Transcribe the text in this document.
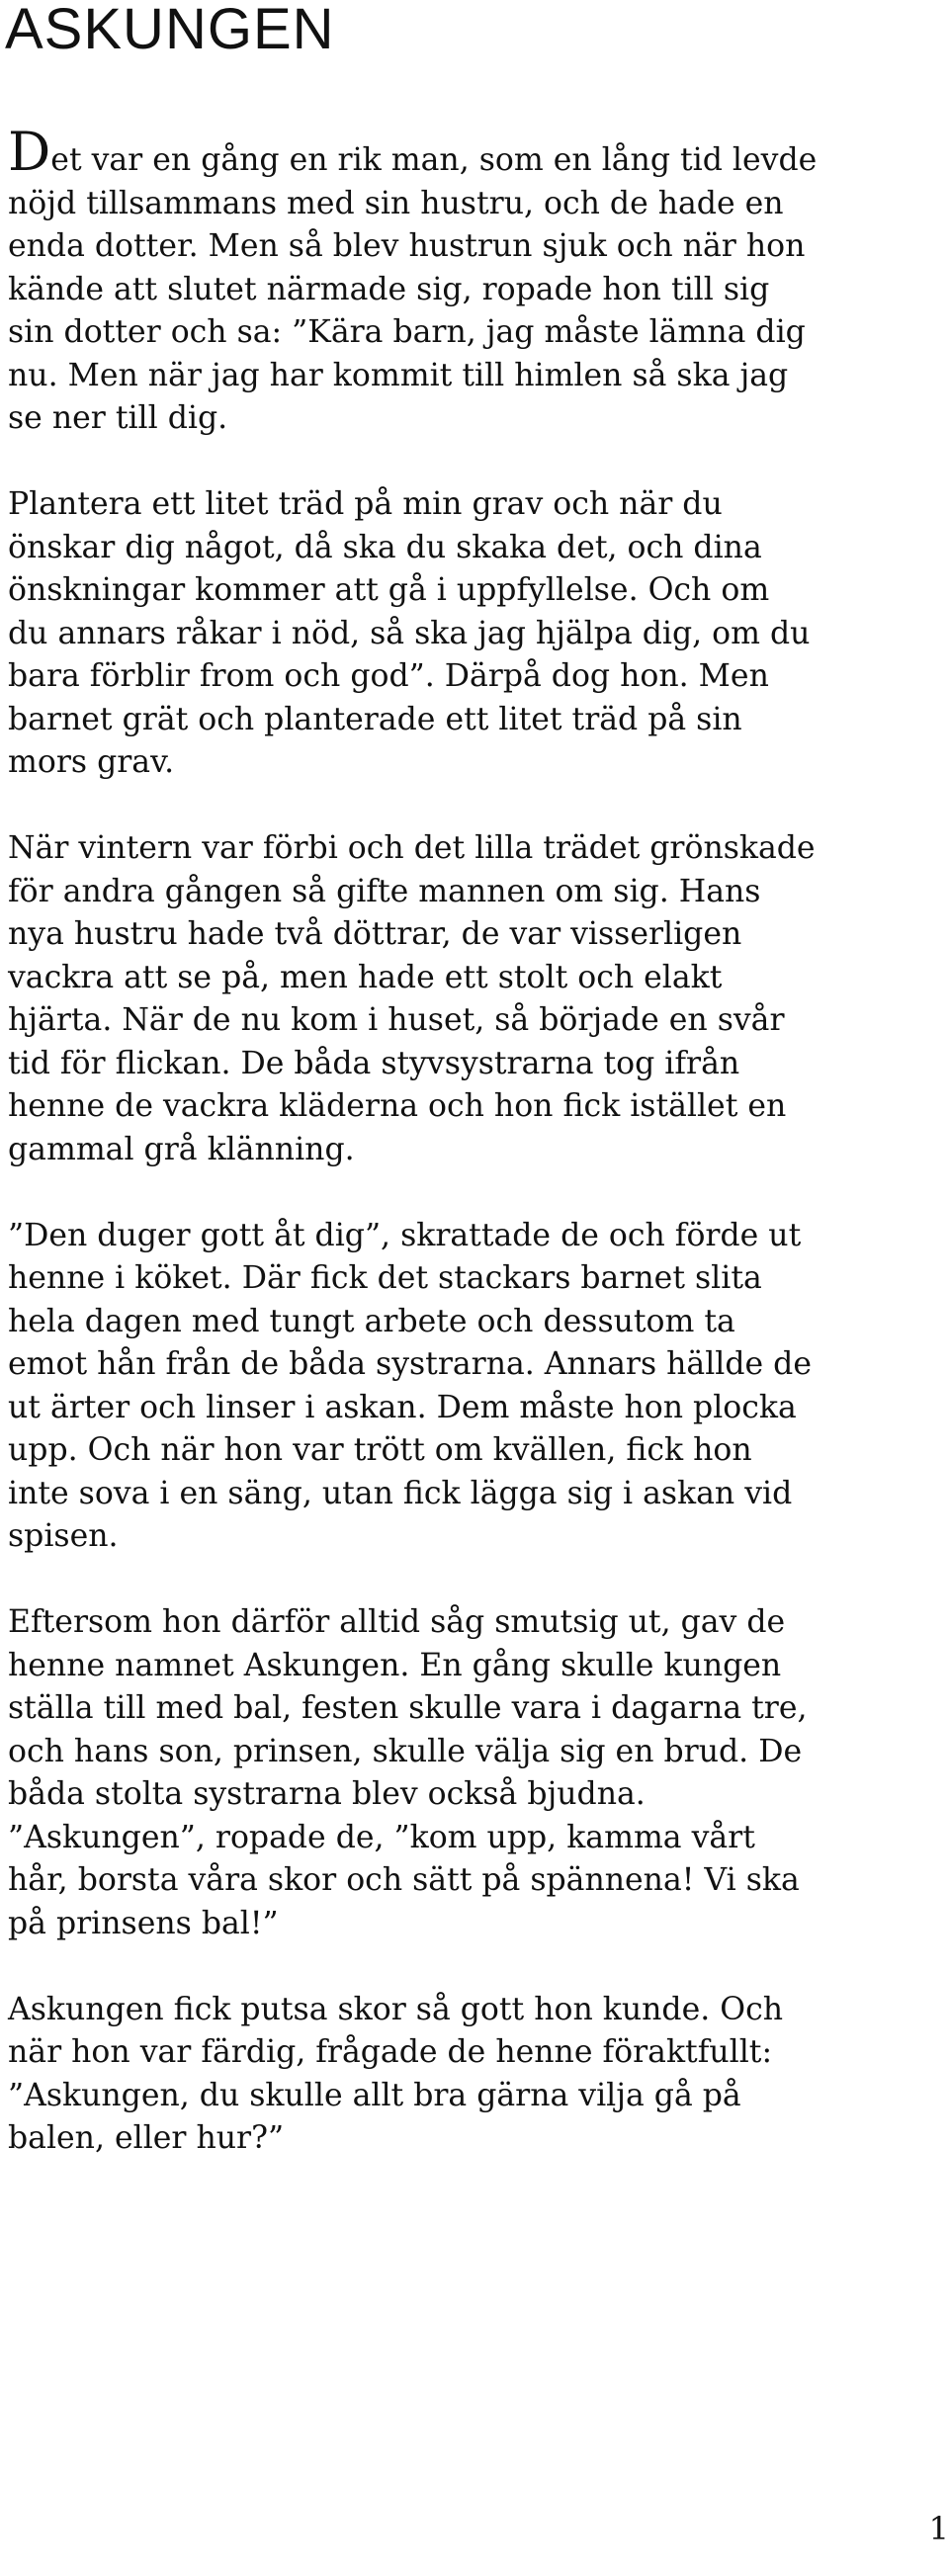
ASKUNGEN

Det var en gång en rik man, som en lång tid levde
nöjd tillsammans med sin hustru, och de hade en
enda dotter. Men så blev hustrun sjuk och när hon
kände att slutet närmade sig, ropade hon till sig
sin dotter och sa: ”Kära barn, jag måste lämna dig
nu. Men när jag har kommit till himlen så ska jag
se ner till dig.

Plantera ett litet träd på min grav och när du
önskar dig något, då ska du skaka det, och dina
önskningar kommer att gå i uppfyllelse. Och om
du annars råkar i nöd, så ska jag hjälpa dig, om du
bara förblir from och god”. Därpå dog hon. Men
barnet grät och planterade ett litet träd på sin
mors grav.

När vintern var förbi och det lilla trädet grönskade
för andra gången så gifte mannen om sig. Hans
nya hustru hade två döttrar, de var visserligen
vackra att se på, men hade ett stolt och elakt
hjärta. När de nu kom i huset, så började en svår
tid för flickan. De båda styvsystrarna tog ifrån
henne de vackra kläderna och hon fick istället en
gammal grå klänning.

”Den duger gott åt dig”, skrattade de och förde ut
henne i köket. Där fick det stackars barnet slita
hela dagen med tungt arbete och dessutom ta
emot hån från de båda systrarna. Annars hällde de
ut ärter och linser i askan. Dem måste hon plocka
upp. Och när hon var trött om kvällen, fick hon
inte sova i en säng, utan fick lägga sig i askan vid
spisen.

Eftersom hon därför alltid såg smutsig ut, gav de
henne namnet Askungen. En gång skulle kungen
ställa till med bal, festen skulle vara i dagarna tre,
och hans son, prinsen, skulle välja sig en brud. De
båda stolta systrarna blev också bjudna.
”Askungen”, ropade de, ”kom upp, kamma vårt
hår, borsta våra skor och sätt på spännena! Vi ska
på prinsens bal!”

Askungen fick putsa skor så gott hon kunde. Och
när hon var färdig, frågade de henne föraktfullt:
”Askungen, du skulle allt bra gärna vilja gå på
balen, eller hur?”

1
